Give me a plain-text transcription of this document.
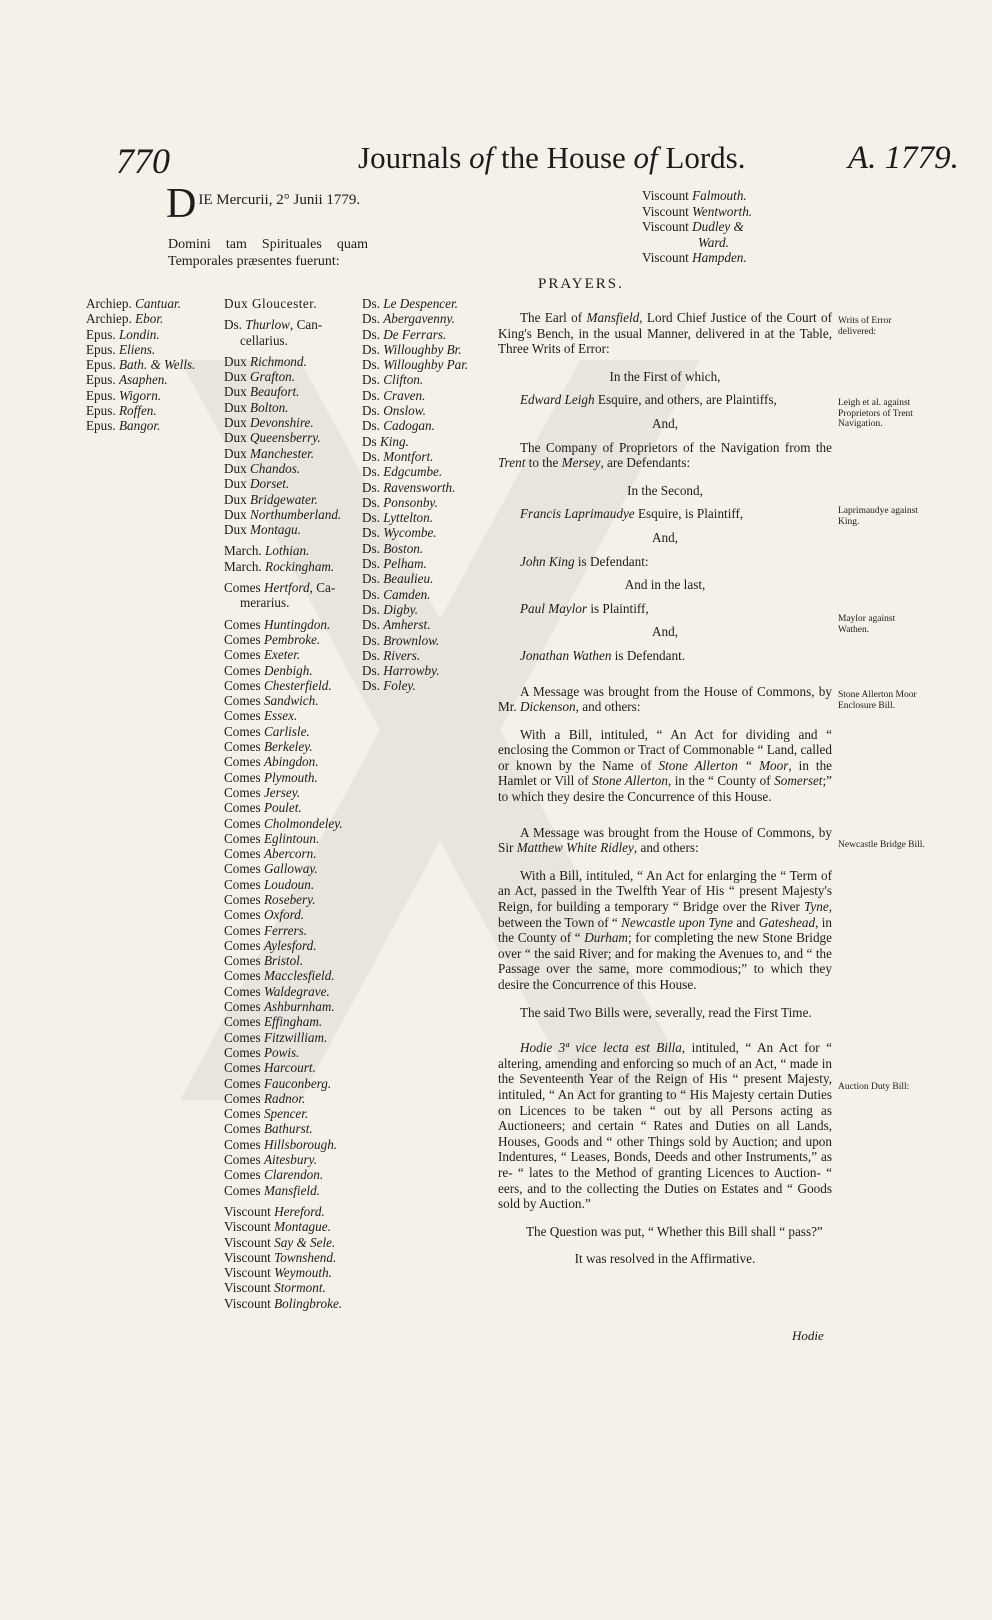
770	Journals of the House of Lords.	A. 1779.
DIE Mercurii, 2° Junii 1779.
Domini tam Spirituales quam Temporales præsentes fuerunt:
Archiep. Cantuar.
Archiep. Ebor.
Epus. Londin.
Epus. Eliens.
Epus. Bath. & Wells.
Epus. Asaphen.
Epus. Wigorn.
Epus. Roffen.
Epus. Bangor.
Dux Gloucester.
Ds. Thurlow, Can-
cellarius.
Dux Richmond.
Dux Grafton.
Dux Beaufort.
Dux Bolton.
Dux Devonshire.
Dux Queensberry.
Dux Manchester.
Dux Chandos.
Dux Dorset.
Dux Bridgewater.
Dux Northumberland.
Dux Montagu.
March. Lothian.
March. Rockingham.
Comes Hertford, Ca-
merarius.
Comes Huntingdon.
Comes Pembroke.
Comes Exeter.
Comes Denbigh.
Comes Chesterfield.
Comes Sandwich.
Comes Essex.
Comes Carlisle.
Comes Berkeley.
Comes Abingdon.
Comes Plymouth.
Comes Jersey.
Comes Poulet.
Comes Cholmondeley.
Comes Eglintoun.
Comes Abercorn.
Comes Galloway.
Comes Loudoun.
Comes Rosebery.
Comes Oxford.
Comes Ferrers.
Comes Aylesford.
Comes Bristol.
Comes Macclesfield.
Comes Waldegrave.
Comes Ashburnham.
Comes Effingham.
Comes Fitzwilliam.
Comes Powis.
Comes Harcourt.
Comes Fauconberg.
Comes Radnor.
Comes Spencer.
Comes Bathurst.
Comes Hillsborough.
Comes Aitesbury.
Comes Clarendon.
Comes Mansfield.
Viscount Hereford.
Viscount Montague.
Viscount Say & Sele.
Viscount Townshend.
Viscount Weymouth.
Viscount Stormont.
Viscount Bolingbroke.
Ds. Le Despencer.
Ds. Abergavenny.
Ds. De Ferrars.
Ds. Willoughby Br.
Ds. Willoughby Par.
Ds. Clifton.
Ds. Craven.
Ds. Onslow.
Ds. Cadogan.
Ds King.
Ds. Montfort.
Ds. Edgcumbe.
Ds. Ravensworth.
Ds. Ponsonby.
Ds. Lyttelton.
Ds. Wycombe.
Ds. Boston.
Ds. Pelham.
Ds. Beaulieu.
Ds. Camden.
Ds. Digby.
Ds. Amherst.
Ds. Brownlow.
Ds. Rivers.
Ds. Harrowby.
Ds. Foley.
Viscount Falmouth.
Viscount Wentworth.
Viscount Dudley &
Ward.
Viscount Hampden.
PRAYERS.

The Earl of Mansfield, Lord Chief Justice of the Court of King's Bench, in the usual Manner, delivered in at the Table, Three Writs of Error:

In the First of which,

Edward Leigh Esquire, and others, are Plaintiffs,

And,

The Company of Proprietors of the Navigation from the Trent to the Mersey, are Defendants:

In the Second,

Francis Laprimaudye Esquire, is Plaintiff,

And,

John King is Defendant:

And in the last,

Paul Maylor is Plaintiff,

And,

Jonathan Wathen is Defendant.

A Message was brought from the House of Commons, by Mr. Dickenson, and others:

With a Bill, intituled, “ An Act for dividing and “ enclosing the Common or Tract of Commonable “ Land, called or known by the Name of Stone Allerton “ Moor, in the Hamlet or Vill of Stone Allerton, in the “ County of Somerset;” to which they desire the Concurrence of this House.

A Message was brought from the House of Commons, by Sir Matthew White Ridley, and others:

With a Bill, intituled, “ An Act for enlarging the “ Term of an Act, passed in the Twelfth Year of His “ present Majesty's Reign, for building a temporary “ Bridge over the River Tyne, between the Town of “ Newcastle upon Tyne and Gateshead, in the County of “ Durham; for completing the new Stone Bridge over “ the said River; and for making the Avenues to, and “ the Passage over the same, more commodious;” to which they desire the Concurrence of this House.

The said Two Bills were, severally, read the First Time.

Hodie 3ª vice lecta est Billa, intituled, “ An Act for “ altering, amending and enforcing so much of an Act, “ made in the Seventeenth Year of the Reign of His “ present Majesty, intituled, “ An Act for granting to “ His Majesty certain Duties on Licences to be taken “ out by all Persons acting as Auctioneers; and certain “ Rates and Duties on all Lands, Houses, Goods and “ other Things sold by Auction; and upon Indentures, “ Leases, Bonds, Deeds and other Instruments,” as re- “ lates to the Method of granting Licences to Auction- “ eers, and to the collecting the Duties on Estates and “ Goods sold by Auction.”

The Question was put, “ Whether this Bill shall “ pass?”

It was resolved in the Affirmative.

Writs of Error delivered:
Leigh et al. against Proprietors of Trent Navigation.
Laprimaudye against King.
Maylor against Wathen.
Stone Allerton Moor Enclosure Bill.
Newcastle Bridge Bill.
Auction Duty Bill:
Hodie
